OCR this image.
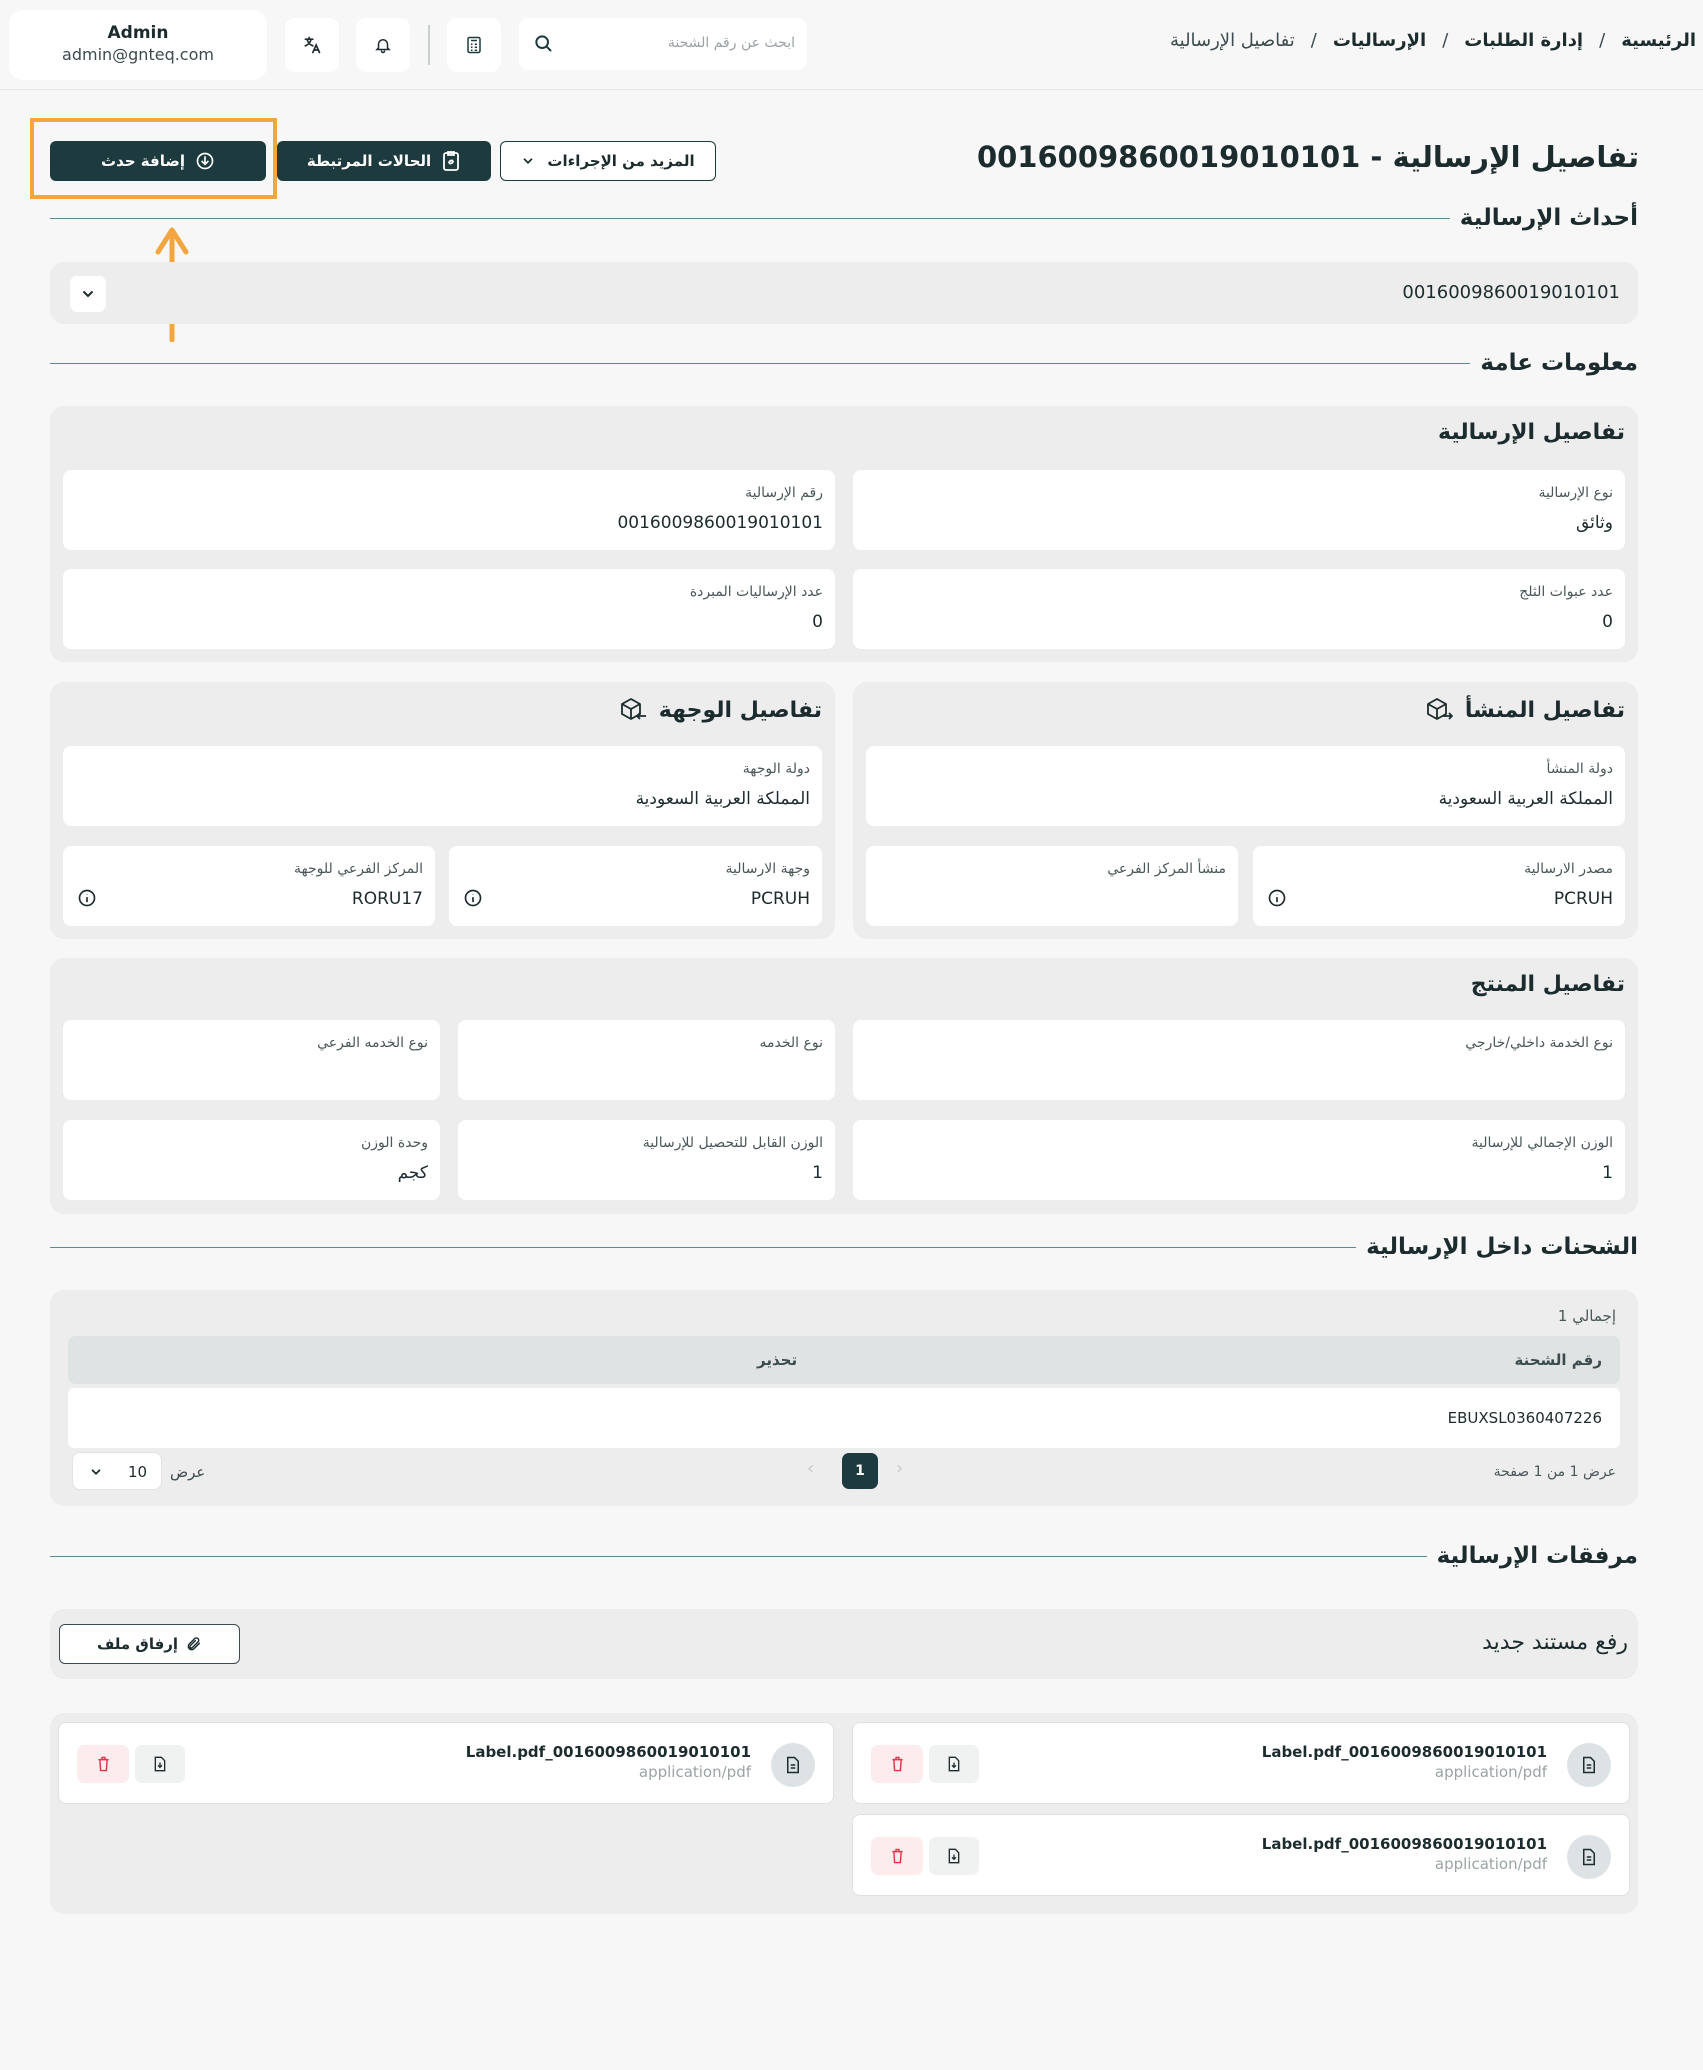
Admin
admin@gnteq.com
ابحث عن رقم الشحنة
الرئيسية
/
إدارة الطلبات
/
الإرساليات
/
تفاصيل الإرسالية
تفاصيل الإرسالية - 0016009860019010101
المزيد من الإجراءات
الحالات المرتبطة
إضافة حدث
أحداث الإرسالية
0016009860019010101
معلومات عامة
تفاصيل الإرسالية
نوع الإرسالية
وثائق
رقم الإرسالية
0016009860019010101
عدد عبوات الثلج
0
عدد الإرساليات المبردة
0
تفاصيل المنشأ
دولة المنشأ
المملكة العربية السعودية
مصدر الارسالية
PCRUH
منشأ المركز الفرعي
تفاصيل الوجهة
دولة الوجهة
المملكة العربية السعودية
وجهة الارسالية
PCRUH
المركز الفرعي للوجهة
RORU17
تفاصيل المنتج
نوع الخدمة داخلي/خارجي
نوع الخدمه
نوع الخدمه الفرعي
الوزن الإجمالي للإرسالية
1
الوزن القابل للتحصيل للإرسالية
1
وحدة الوزن
كجم
الشحنات داخل الإرسالية
إجمالي 1
رقم الشحنة
تحذير
EBUXSL0360407226
عرض 1 من 1 صفحة
›
1
‹
عرض
10
مرفقات الإرسالية
رفع مستند جديد
إرفاق ملف
Label.pdf_0016009860019010101
application/pdf
Label.pdf_0016009860019010101
application/pdf
Label.pdf_0016009860019010101
application/pdf
